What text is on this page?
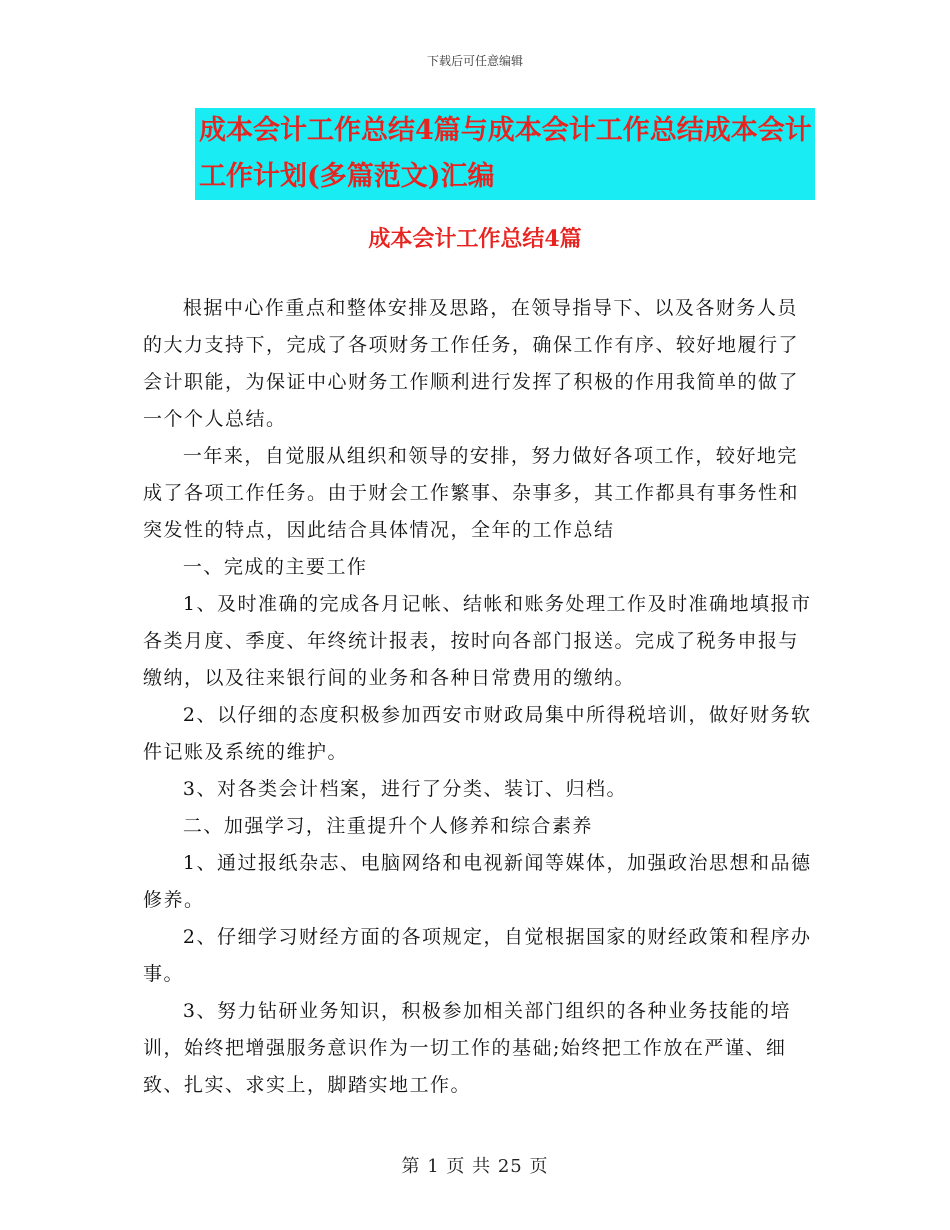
下载后可任意编辑
成本会计工作总结4篇与成本会计工作总结成本会计
工作计划(多篇范文)汇编
成本会计工作总结4篇

根据中心作重点和整体安排及思路，在领导指导下、以及各财务人员的大力支持下，完成了各项财务工作任务，确保工作有序、较好地履行了会计职能，为保证中心财务工作顺利进行发挥了积极的作用我简单的做了一个个人总结。

一年来，自觉服从组织和领导的安排，努力做好各项工作，较好地完成了各项工作任务。由于财会工作繁事、杂事多，其工作都具有事务性和突发性的特点，因此结合具体情况，全年的工作总结

一、完成的主要工作

1、及时准确的完成各月记帐、结帐和账务处理工作及时准确地填报市各类月度、季度、年终统计报表，按时向各部门报送。完成了税务申报与缴纳，以及往来银行间的业务和各种日常费用的缴纳。

2、以仔细的态度积极参加西安市财政局集中所得税培训，做好财务软件记账及系统的维护。

3、对各类会计档案，进行了分类、装订、归档。

二、加强学习，注重提升个人修养和综合素养

1、通过报纸杂志、电脑网络和电视新闻等媒体，加强政治思想和品德修养。

2、仔细学习财经方面的各项规定，自觉根据国家的财经政策和程序办事。

3、努力钻研业务知识，积极参加相关部门组织的各种业务技能的培训，始终把增强服务意识作为一切工作的基础;始终把工作放在严谨、细致、扎实、求实上，脚踏实地工作。

第 1 页 共 25 页
